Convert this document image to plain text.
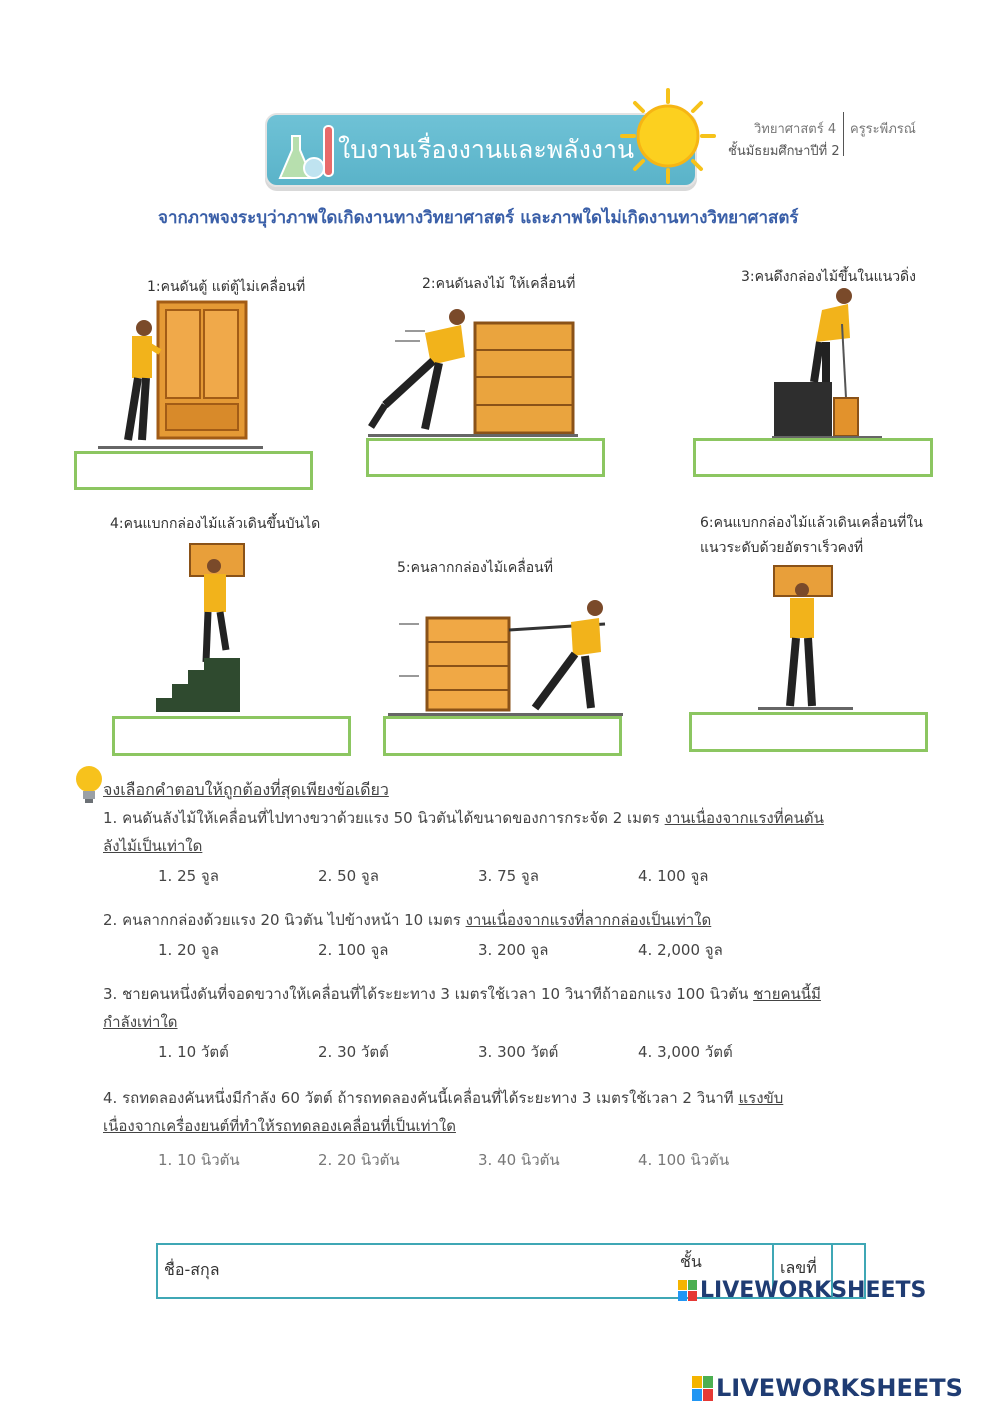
ใบงานเรื่องงานและพลังงาน
วิทยาศาสตร์ 4
ชั้นมัธยมศึกษาปีที่ 2
ครูระพีภรณ์
จากภาพจงระบุว่าภาพใดเกิดงานทางวิทยาศาสตร์ และภาพใดไม่เกิดงานทางวิทยาศาสตร์
1:คนดันตู้ แต่ตู้ไม่เคลื่อนที่	2:คนดันลงไม้ ให้เคลื่อนที่	3:คนดึงกล่องไม้ขึ้นในแนวดิ่ง
4:คนแบกกล่องไม้แล้วเดินขึ้นบันได
5:คนลากกล่องไม้เคลื่อนที่
6:คนแบกกล่องไม้แล้วเดินเคลื่อนที่ใน
แนวระดับด้วยอัตราเร็วคงที่
จงเลือกคำตอบให้ถูกต้องที่สุดเพียงข้อเดียว
1. คนดันลังไม้ให้เคลื่อนที่ไปทางขวาด้วยแรง 50 นิวตันได้ขนาดของการกระจัด 2 เมตร งานเนื่องจากแรงที่คนดัน
ลังไม้เป็นเท่าใด
1. 25 จูล	2. 50 จูล	3. 75 จูล	4. 100 จูล
2. คนลากกล่องด้วยแรง 20 นิวตัน ไปข้างหน้า 10 เมตร งานเนื่องจากแรงที่ลากกล่องเป็นเท่าใด
1. 20 จูล	2. 100 จูล	3. 200 จูล	4. 2,000 จูล
3. ชายคนหนึ่งดันที่จอดขวางให้เคลื่อนที่ได้ระยะทาง 3 เมตรใช้เวลา 10 วินาทีถ้าออกแรง 100 นิวตัน ชายคนนี้มี
กำลังเท่าใด
1. 10 วัตต์	2. 30 วัตต์	3. 300 วัตต์	4. 3,000 วัตต์
4. รถทดลองคันหนึ่งมีกำลัง 60 วัตต์ ถ้ารถทดลองคันนี้เคลื่อนที่ได้ระยะทาง 3 เมตรใช้เวลา 2 วินาที แรงขับ
เนื่องจากเครื่องยนต์ที่ทำให้รถทดลองเคลื่อนที่เป็นเท่าใด
1. 10 นิวตัน	2. 20 นิวตัน	3. 40 นิวตัน	4. 100 นิวตัน
ชื่อ-สกุล	ชั้น	เลขที่
LIVEWORKSHEETS
LIVEWORKSHEETS
